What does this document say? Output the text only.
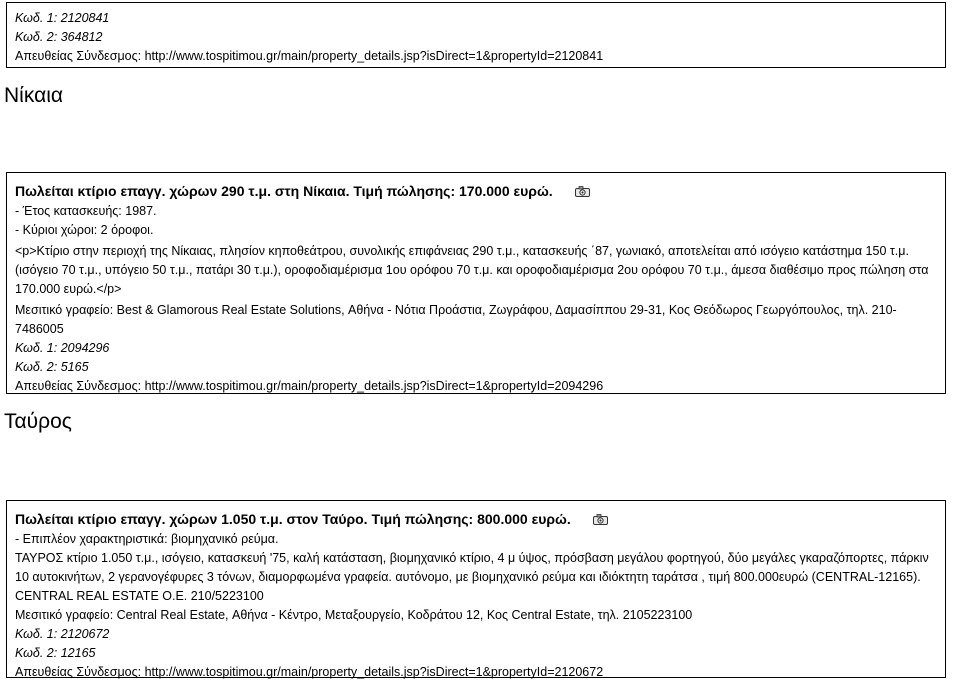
Κωδ. 1: 2120841
Κωδ. 2: 364812
Απευθείας Σύνδεσμος: http://www.tospitimou.gr/main/property_details.jsp?isDirect=1&propertyId=2120841
Νίκαια
Πωλείται κτίριο επαγγ. χώρων 290 τ.μ. στη Νίκαια. Τιμή πώλησης: 170.000 ευρώ.
- Έτος κατασκευής: 1987.
- Κύριοι χώροι: 2 όροφοι.
<p>Κτίριο στην περιοχή της Νίκαιας, πλησίον κηποθεάτρου, συνολικής επιφάνειας 290 τ.μ., κατασκευής ΄87, γωνιακό, αποτελείται από ισόγειο κατάστημα 150 τ.μ. (ισόγειο 70 τ.μ., υπόγειο 50 τ.μ., πατάρι 30 τ.μ.), οροφοδιαμέρισμα 1ου ορόφου 70 τ.μ. και οροφοδιαμέρισμα 2ου ορόφου 70 τ.μ., άμεσα διαθέσιμο προς πώληση στα 170.000 ευρώ.</p>
Μεσιτικό γραφείο: Best & Glamorous Real Estate Solutions, Αθήνα - Νότια Προάστια, Ζωγράφου, Δαμασίππου 29-31, Κος Θεόδωρος Γεωργόπουλος, τηλ. 210-7486005
Κωδ. 1: 2094296
Κωδ. 2: 5165
Απευθείας Σύνδεσμος: http://www.tospitimou.gr/main/property_details.jsp?isDirect=1&propertyId=2094296
Ταύρος
Πωλείται κτίριο επαγγ. χώρων 1.050 τ.μ. στον Ταύρο. Τιμή πώλησης: 800.000 ευρώ.
- Επιπλέον χαρακτηριστικά: βιομηχανικό ρεύμα.
ΤΑΥΡΟΣ κτίριο 1.050 τ.μ., ισόγειο, κατασκευή '75, καλή κατάσταση, βιομηχανικό κτίριο, 4 μ ύψος, πρόσβαση μεγάλου φορτηγού, δύο μεγάλες γκαραζόπορτες, πάρκιν 10 αυτοκινήτων, 2 γερανογέφυρες 3 τόνων, διαμορφωμένα γραφεία. αυτόνομο, με βιομηχανικό ρεύμα και ιδιόκτητη ταράτσα , τιμή 800.000ευρώ (CENTRAL-12165). CENTRAL REAL ESTATE O.E. 210/5223100
Μεσιτικό γραφείο: Central Real Estate, Αθήνα - Κέντρο, Μεταξουργείο, Κοδράτου 12, Κος Central Estate, τηλ. 2105223100
Κωδ. 1: 2120672
Κωδ. 2: 12165
Απευθείας Σύνδεσμος: http://www.tospitimou.gr/main/property_details.jsp?isDirect=1&propertyId=2120672
